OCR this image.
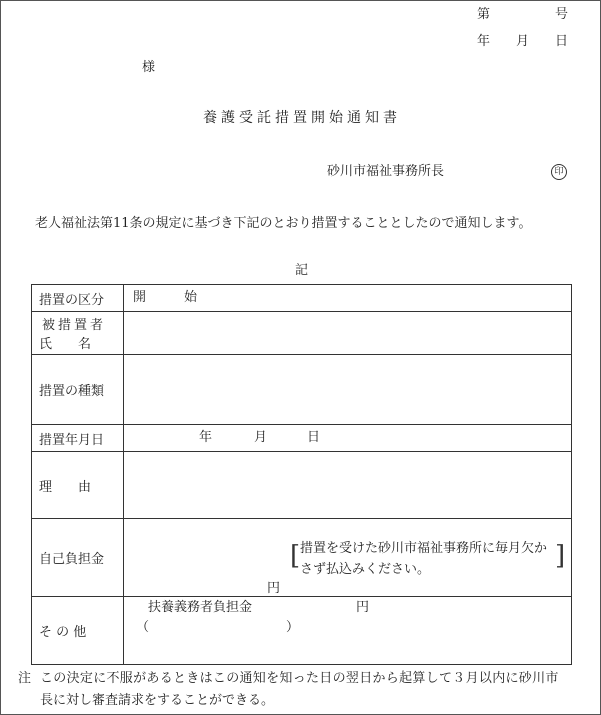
第	号
年 月 日
様
養護受託措置開始通知書
砂川市福祉事務所長	印
老人福祉法第11条の規定に基づき下記のとおり措置することとしたので通知します。
記
措置の区分	開 始

被措置者
氏　　名	

措置の種類	
措置年月日	年 月 日

理　　由	
自己負担金	[ 措置を受けた砂川市福祉事務所に毎月欠か
さず払込みください。 ]
円

そ の 他	扶養義務者負担金 円
（ ）
注 この決定に不服があるときはこの通知を知った日の翌日から起算して３月以内に砂川市
長に対し審査請求をすることができる。
